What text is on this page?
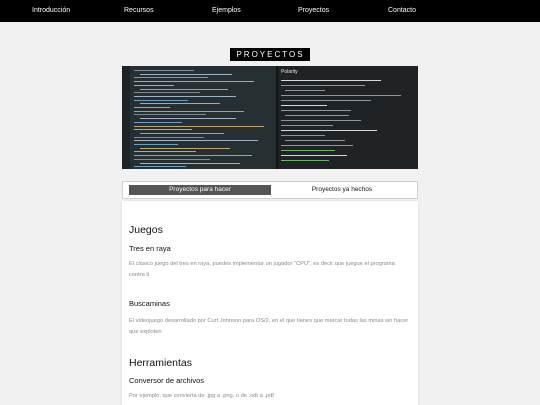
Introducción	Recursos	Ejemplos	Proyectos	Contacto
PROYECTOS
Polarity
Proyectos para hacer	Proyectos ya hechos
Juegos
Tres en raya
El clásico juego del tres en raya, puedes implementar un jugador "CPU", es decir que juegue el programa contra ti
Buscaminas
El videojuego desarrollado por Curt Johnson para OS/2, en el que tienes que marcar todas las minas sin hacer que exploten
Herramientas
Conversor de archivos
Por ejemplo, que convierta de .jpg a .png, o de .odt a .pdf
